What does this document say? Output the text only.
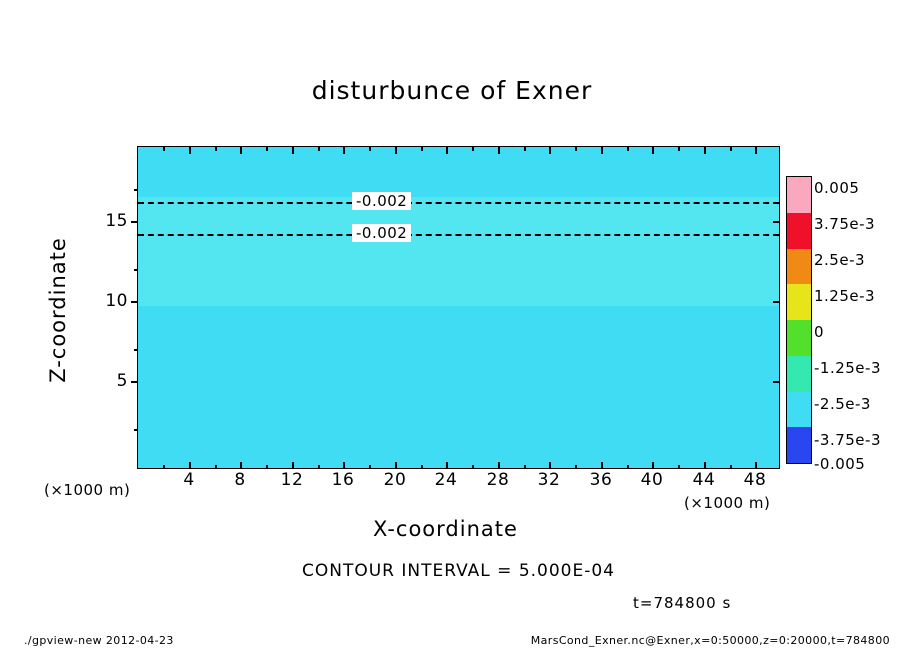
disturbunce of Exner
-0.002
-0.002
4 8 12 16 20 24 28 32 36 40 44 48
5
10
15
Z-coordinate
X-coordinate
(×1000 m)
(×1000 m)
0.005
3.75e-3
2.5e-3
1.25e-3
0
-1.25e-3
-2.5e-3
-3.75e-3
-0.005
CONTOUR INTERVAL = 5.000E-04
t=784800 s
./gpview-new 2012-04-23	MarsCond_Exner.nc@Exner,x=0:50000,z=0:20000,t=784800
